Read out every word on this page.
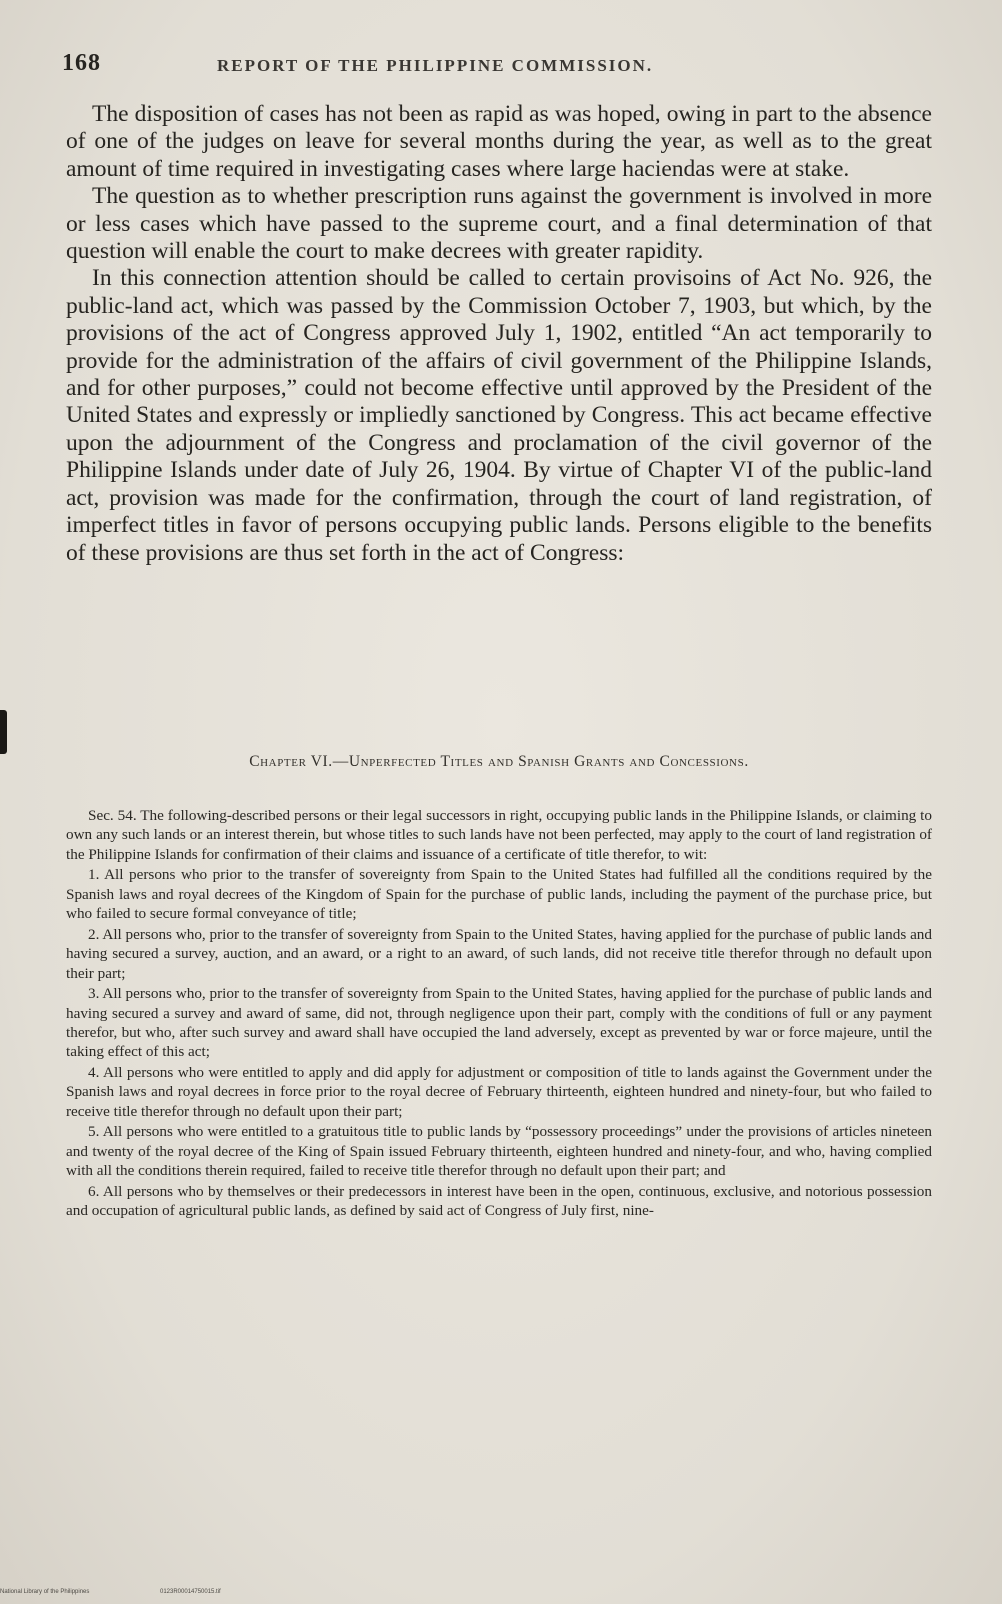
168	REPORT OF THE PHILIPPINE COMMISSION.

The disposition of cases has not been as rapid as was hoped, owing in part to the absence of one of the judges on leave for several months during the year, as well as to the great amount of time required in investigating cases where large haciendas were at stake.

The question as to whether prescription runs against the government is involved in more or less cases which have passed to the supreme court, and a final determination of that question will enable the court to make decrees with greater rapidity.

In this connection attention should be called to certain provisoins of Act No. 926, the public-land act, which was passed by the Commission October 7, 1903, but which, by the provisions of the act of Congress approved July 1, 1902, entitled “An act temporarily to provide for the administration of the affairs of civil government of the Philippine Islands, and for other purposes,” could not become effective until approved by the President of the United States and expressly or impliedly sanctioned by Congress. This act became effective upon the adjournment of the Congress and proclamation of the civil governor of the Philippine Islands under date of July 26, 1904. By virtue of Chapter VI of the public-land act, provision was made for the confirmation, through the court of land registration, of imperfect titles in favor of persons occupying public lands. Persons eligible to the benefits of these provisions are thus set forth in the act of Congress:

Chapter VI.—Unperfected Titles and Spanish Grants and Concessions.

Sec. 54. The following-described persons or their legal successors in right, occupying public lands in the Philippine Islands, or claiming to own any such lands or an interest therein, but whose titles to such lands have not been perfected, may apply to the court of land registration of the Philippine Islands for confirmation of their claims and issuance of a certificate of title therefor, to wit:

1. All persons who prior to the transfer of sovereignty from Spain to the United States had fulfilled all the conditions required by the Spanish laws and royal decrees of the Kingdom of Spain for the purchase of public lands, including the payment of the purchase price, but who failed to secure formal conveyance of title;

2. All persons who, prior to the transfer of sovereignty from Spain to the United States, having applied for the purchase of public lands and having secured a survey, auction, and an award, or a right to an award, of such lands, did not receive title therefor through no default upon their part;

3. All persons who, prior to the transfer of sovereignty from Spain to the United States, having applied for the purchase of public lands and having secured a survey and award of same, did not, through negligence upon their part, comply with the conditions of full or any payment therefor, but who, after such survey and award shall have occupied the land adversely, except as prevented by war or force majeure, until the taking effect of this act;

4. All persons who were entitled to apply and did apply for adjustment or composition of title to lands against the Government under the Spanish laws and royal decrees in force prior to the royal decree of February thirteenth, eighteen hundred and ninety-four, but who failed to receive title therefor through no default upon their part;

5. All persons who were entitled to a gratuitous title to public lands by “possessory proceedings” under the provisions of articles nineteen and twenty of the royal decree of the King of Spain issued February thirteenth, eighteen hundred and ninety-four, and who, having complied with all the conditions therein required, failed to receive title therefor through no default upon their part; and

6. All persons who by themselves or their predecessors in interest have been in the open, continuous, exclusive, and notorious possession and occupation of agricultural public lands, as defined by said act of Congress of July first, nine-

National Library of the Philippines	0123R00014750015.tif
